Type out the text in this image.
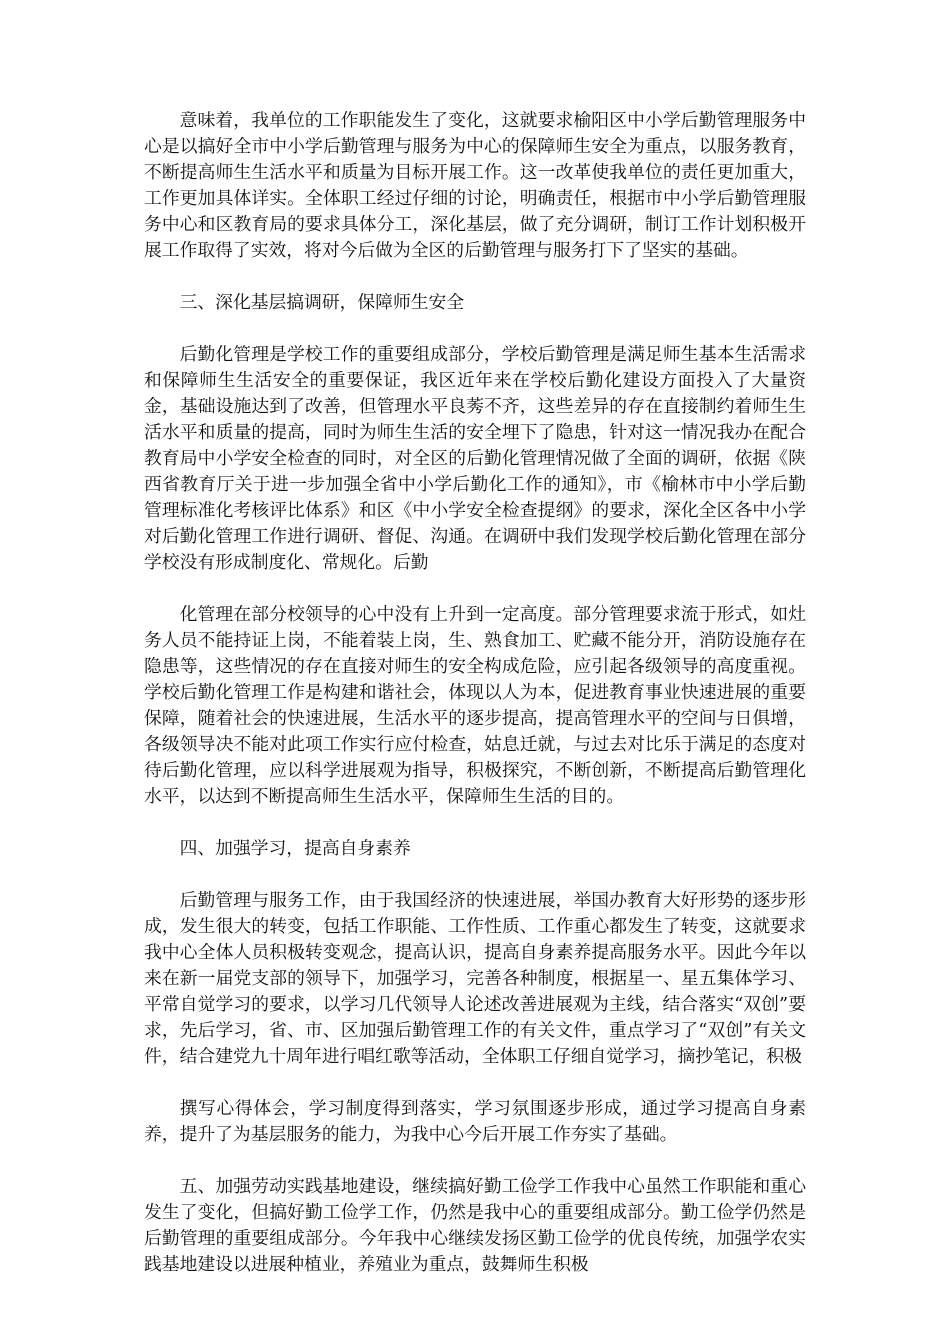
意味着，我单位的工作职能发生了变化，这就要求榆阳区中小学后勤管理服务中心是以搞好全市中小学后勤管理与服务为中心的保障师生安全为重点，以服务教育，不断提高师生生活水平和质量为目标开展工作。这一改革使我单位的责任更加重大，工作更加具体详实。全体职工经过仔细的讨论，明确责任，根据市中小学后勤管理服务中心和区教育局的要求具体分工，深化基层，做了充分调研，制订工作计划积极开展工作取得了实效，将对今后做为全区的后勤管理与服务打下了坚实的基础。

三、深化基层搞调研，保障师生安全

后勤化管理是学校工作的重要组成部分，学校后勤管理是满足师生基本生活需求和保障师生生活安全的重要保证，我区近年来在学校后勤化建设方面投入了大量资金，基础设施达到了改善，但管理水平良莠不齐，这些差异的存在直接制约着师生生活水平和质量的提高，同时为师生生活的安全埋下了隐患，针对这一情况我办在配合教育局中小学安全检查的同时，对全区的后勤化管理情况做了全面的调研，依据《陕西省教育厅关于进一步加强全省中小学后勤化工作的通知》，市《榆林市中小学后勤管理标准化考核评比体系》和区《中小学安全检查提纲》的要求，深化全区各中小学对后勤化管理工作进行调研、督促、沟通。在调研中我们发现学校后勤化管理在部分学校没有形成制度化、常规化。后勤

化管理在部分校领导的心中没有上升到一定高度。部分管理要求流于形式，如灶务人员不能持证上岗，不能着装上岗，生、熟食加工、贮藏不能分开，消防设施存在隐患等，这些情况的存在直接对师生的安全构成危险，应引起各级领导的高度重视。学校后勤化管理工作是构建和谐社会，体现以人为本，促进教育事业快速进展的重要保障，随着社会的快速进展，生活水平的逐步提高，提高管理水平的空间与日俱增，各级领导决不能对此项工作实行应付检查，姑息迁就，与过去对比乐于满足的态度对待后勤化管理，应以科学进展观为指导，积极探究，不断创新，不断提高后勤管理化水平，以达到不断提高师生生活水平，保障师生生活的目的。

四、加强学习，提高自身素养

后勤管理与服务工作，由于我国经济的快速进展，举国办教育大好形势的逐步形成，发生很大的转变，包括工作职能、工作性质、工作重心都发生了转变，这就要求我中心全体人员积极转变观念，提高认识，提高自身素养提高服务水平。因此今年以来在新一届党支部的领导下，加强学习，完善各种制度，根据星一、星五集体学习、平常自觉学习的要求，以学习几代领导人论述改善进展观为主线，结合落实“双创”要求，先后学习，省、市、区加强后勤管理工作的有关文件，重点学习了“双创”有关文件，结合建党九十周年进行唱红歌等活动，全体职工仔细自觉学习，摘抄笔记，积极

撰写心得体会，学习制度得到落实，学习氛围逐步形成，通过学习提高自身素养，提升了为基层服务的能力，为我中心今后开展工作夯实了基础。

五、加强劳动实践基地建设，继续搞好勤工俭学工作我中心虽然工作职能和重心发生了变化，但搞好勤工俭学工作，仍然是我中心的重要组成部分。勤工俭学仍然是后勤管理的重要组成部分。今年我中心继续发扬区勤工俭学的优良传统，加强学农实践基地建设以进展种植业，养殖业为重点，鼓舞师生积极
